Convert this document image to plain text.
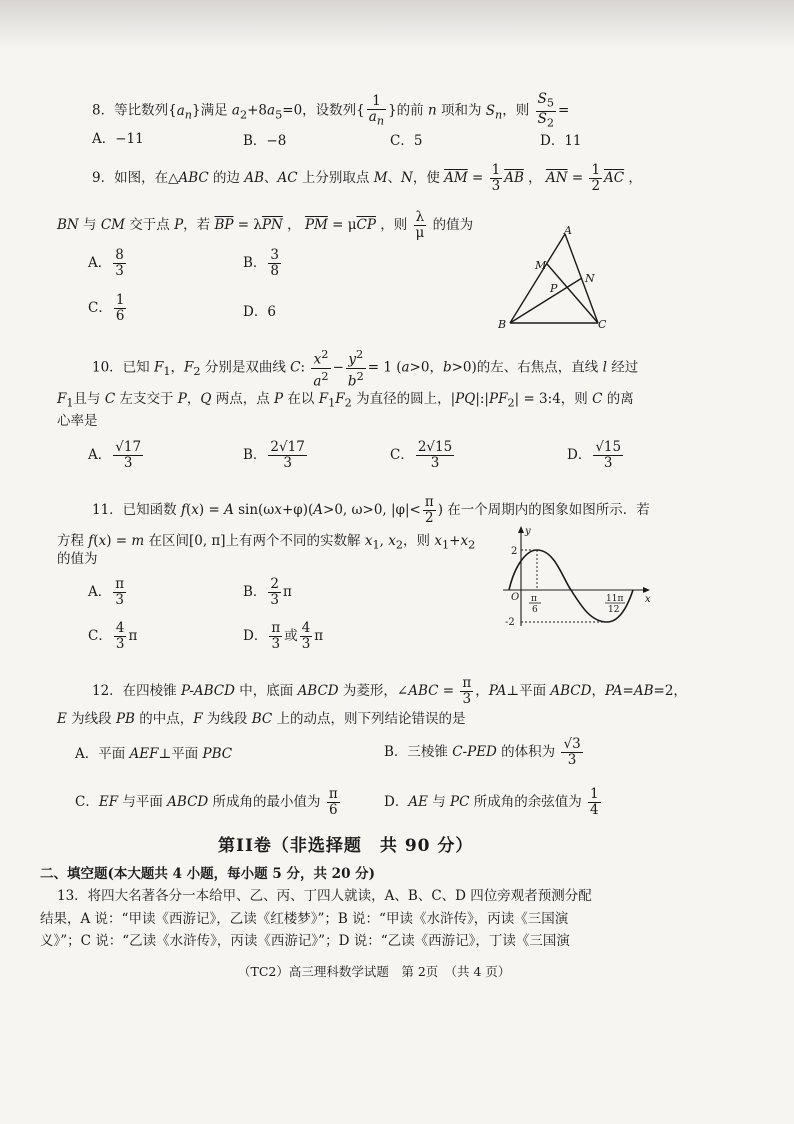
8．等比数列$\{a_n\}$满足 $a_2+8a_5=0$，设数列{ $\frac{1}{a_n}$ }的前 n 项和为 $S_n$，则 $\frac{S_5}{S_2}$ =
A．−11	B．−8	C．5	D．11
9．如图，在△ABC 的边 AB、AC 上分别取点 M、N，使 $\overline{AM} = \frac{1}{3} \overline{AB}$ ， $\overline{AN} = \frac{1}{2} \overline{AC}$ ，
BN 与 CM 交于点 P，若 $\overline{BP} = \lambda\overline{PN}$ ， $\overline{PM} = \mu\overline{CP}$ ，则 $\frac{\lambda}{\mu}$ 的值为
A． $\frac{8}{3}$	B． $\frac{3}{8}$
C． $\frac{1}{6}$	D．6
A
M
N
P
B	C
10．已知 $F_1$，$F_2$ 分别是双曲线 C: $\frac{x^2}{a^2} - \frac{y^2}{b^2} = 1$ (a>0，b>0)的左、右焦点，直线 l 经过
$F_1$且与 C 左支交于 P，Q 两点，点 P 在以 $F_1F_2$ 为直径的圆上，$|PQ|:|PF_2|$ = 3:4，则 C 的离
心率是
A． $\frac{√17}{3}$	B． $\frac{2√17}{3}$	C． $\frac{2√15}{3}$	D． $\frac{√15}{3}$
11．已知函数 f(x) = A sin(ωx+φ)(A>0, ω>0, $|\varphi|< \frac{\pi}{2}$ ) 在一个周期内的图象如图所示．若
方程 f(x) = m 在区间[0, π]上有两个不同的实数解 $x_1$, $x_2$，则 $x_1+x_2$
的值为
A． $\frac{\pi}{3}$	B． $\frac{2}{3}$ π
C． $\frac{4}{3}$ π	D． $\frac{\pi}{3}$ 或 $\frac{4}{3}$ π
y
x
O
2
-2
π
6
11π
12
12．在四棱锥 P-ABCD 中，底面 ABCD 为菱形，∠ABC = $\frac{\pi}{3}$ ，PA⊥平面 ABCD，PA=AB=2，
E 为线段 PB 的中点，F 为线段 BC 上的动点，则下列结论错误的是
A．平面 AEF⊥平面 PBC	B．三棱锥 C-PED 的体积为 $\frac{√3}{3}$
C．EF 与平面 ABCD 所成角的最小值为 $\frac{\pi}{6}$	D．AE 与 PC 所成角的余弦值为 $\frac{1}{4}$
第II卷（非选择题　共 90 分）
二、填空题(本大题共 4 小题，每小题 5 分，共 20 分)
13．将四大名著各分一本给甲、乙、丙、丁四人就读，A、B、C、D 四位旁观者预测分配
结果，A 说：“甲读《西游记》，乙读《红楼梦》”；B 说：“甲读《水浒传》，丙读《三国演
义》”；C 说：“乙读《水浒传》，丙读《西游记》”；D 说：“乙读《西游记》，丁读《三国演
（TC2）高三理科数学试题　第 2页　（共 4 页）
